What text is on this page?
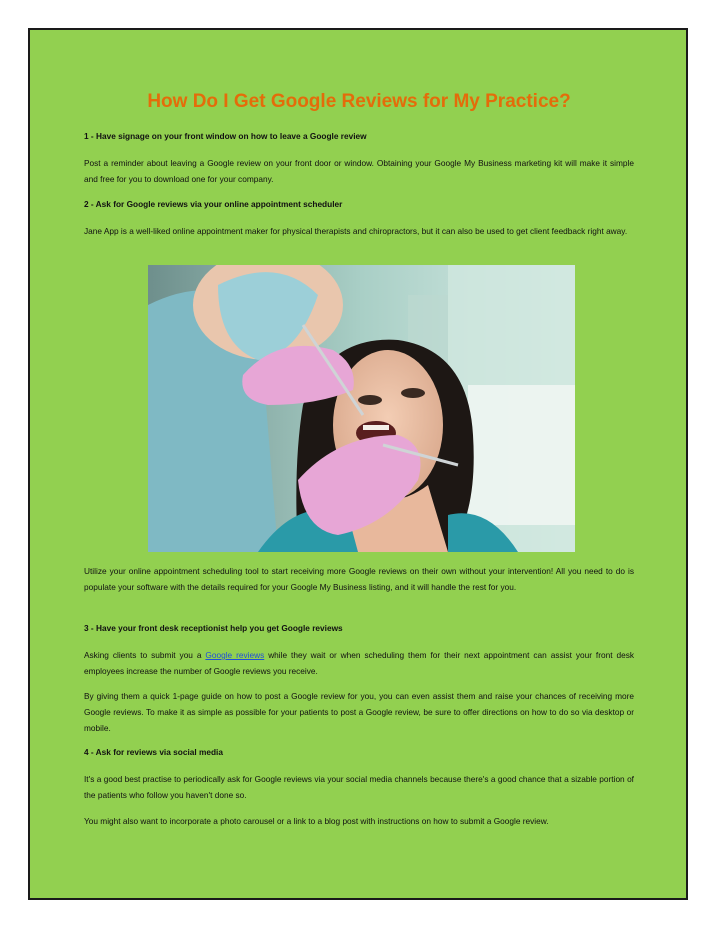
How Do I Get Google Reviews for My Practice?
1 - Have signage on your front window on how to leave a Google review

Post a reminder about leaving a Google review on your front door or window. Obtaining your Google My Business marketing kit will make it simple and free for you to download one for your company.

2 - Ask for Google reviews via your online appointment scheduler

Jane App is a well-liked online appointment maker for physical therapists and chiropractors, but it can also be used to get client feedback right away.

Utilize your online appointment scheduling tool to start receiving more Google reviews on their own without your intervention! All you need to do is populate your software with the details required for your Google My Business listing, and it will handle the rest for you.

3 - Have your front desk receptionist help you get Google reviews

Asking clients to submit you a Google reviews while they wait or when scheduling them for their next appointment can assist your front desk employees increase the number of Google reviews you receive.

By giving them a quick 1-page guide on how to post a Google review for you, you can even assist them and raise your chances of receiving more Google reviews. To make it as simple as possible for your patients to post a Google review, be sure to offer directions on how to do so via desktop or mobile.

4 - Ask for reviews via social media

It's a good best practise to periodically ask for Google reviews via your social media channels because there's a good chance that a sizable portion of the patients who follow you haven't done so.

You might also want to incorporate a photo carousel or a link to a blog post with instructions on how to submit a Google review.
